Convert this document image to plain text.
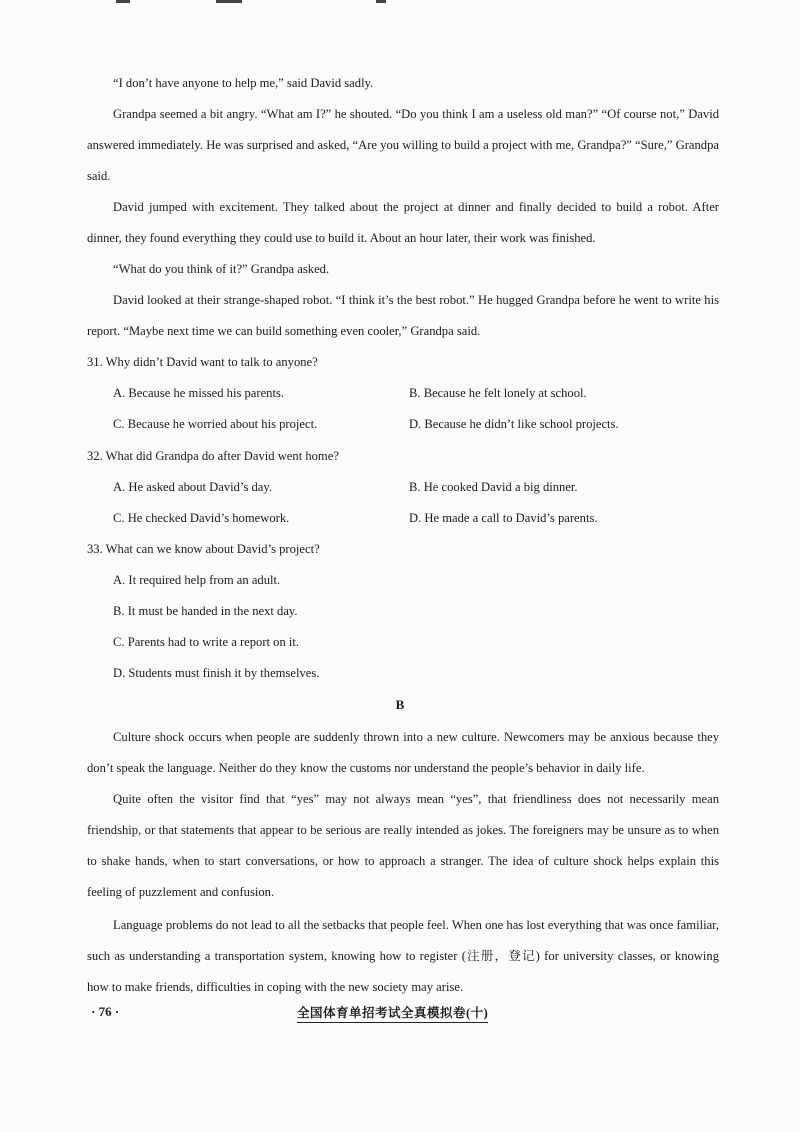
“I don’t have anyone to help me,” said David sadly.

Grandpa seemed a bit angry. “What am I?” he shouted. “Do you think I am a useless old man?” “Of course not,” David answered immediately. He was surprised and asked, “Are you willing to build a project with me, Grandpa?” “Sure,” Grandpa said.

David jumped with excitement. They talked about the project at dinner and finally decided to build a robot. After dinner, they found everything they could use to build it. About an hour later, their work was finished.

“What do you think of it?” Grandpa asked.

David looked at their strange-shaped robot. “I think it’s the best robot.” He hugged Grandpa before he went to write his report. “Maybe next time we can build something even cooler,” Grandpa said.

31. Why didn’t David want to talk to anyone?
A. Because he missed his parents.	B. Because he felt lonely at school.
C. Because he worried about his project.	D. Because he didn’t like school projects.
32. What did Grandpa do after David went home?
A. He asked about David’s day.	B. He cooked David a big dinner.
C. He checked David’s homework.	D. He made a call to David’s parents.
33. What can we know about David’s project?
A. It required help from an adult.
B. It must be handed in the next day.
C. Parents had to write a report on it.
D. Students must finish it by themselves.
B

Culture shock occurs when people are suddenly thrown into a new culture. Newcomers may be anxious because they don’t speak the language. Neither do they know the customs nor understand the people’s behavior in daily life.

Quite often the visitor find that “yes” may not always mean “yes”, that friendliness does not necessarily mean friendship, or that statements that appear to be serious are really intended as jokes. The foreigners may be unsure as to when to shake hands, when to start conversations, or how to approach a stranger. The idea of culture shock helps explain this feeling of puzzlement and confusion.

Language problems do not lead to all the setbacks that people feel. When one has lost everything that was once familiar, such as understanding a transportation system, knowing how to register (注册，登记) for university classes, or knowing how to make friends, difficulties in coping with the new society may arise.

· 76 ·	全国体育单招考试全真模拟卷(十)
